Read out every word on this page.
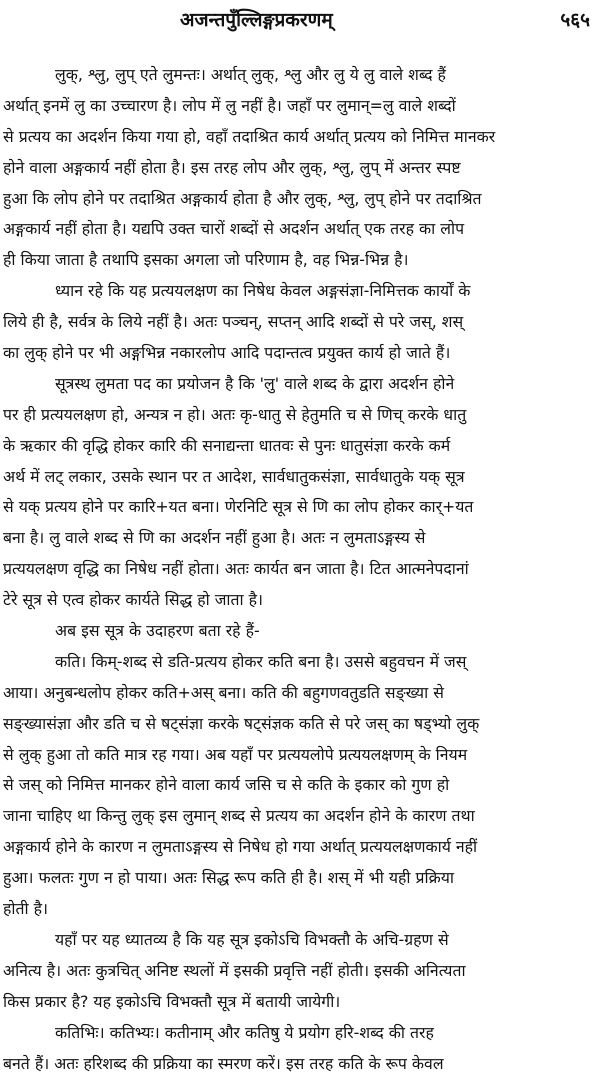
अजन्तपुँल्लिङ्गप्रकरणम्	५६५
लुक्, श्लु, लुप् एते लुमन्तः। अर्थात् लुक्, श्लु और लु ये लु वाले शब्द हैं
अर्थात् इनमें लु का उच्चारण है। लोप में लु नहीं है। जहाँ पर लुमान्=लु वाले शब्दों
से प्रत्यय का अदर्शन किया गया हो, वहाँ तदाश्रित कार्य अर्थात् प्रत्यय को निमित्त मानकर
होने वाला अङ्गकार्य नहीं होता है। इस तरह लोप और लुक्, श्लु, लुप् में अन्तर स्पष्ट
हुआ कि लोप होने पर तदाश्रित अङ्गकार्य होता है और लुक्, श्लु, लुप् होने पर तदाश्रित
अङ्गकार्य नहीं होता है। यद्यपि उक्त चारों शब्दों से अदर्शन अर्थात् एक तरह का लोप
ही किया जाता है तथापि इसका अगला जो परिणाम है, वह भिन्न-भिन्न है।
ध्यान रहे कि यह प्रत्ययलक्षण का निषेध केवल अङ्गसंज्ञा-निमित्तक कार्यों के
लिये ही है, सर्वत्र के लिये नहीं है। अतः पञ्चन्, सप्तन् आदि शब्दों से परे जस्, शस्
का लुक् होने पर भी अङ्गभिन्न नकारलोप आदि पदान्तत्व प्रयुक्त कार्य हो जाते हैं।
सूत्रस्थ लुमता पद का प्रयोजन है कि 'लु' वाले शब्द के द्वारा अदर्शन होने
पर ही प्रत्ययलक्षण हो, अन्यत्र न हो। अतः कृ-धातु से हेतुमति च से णिच् करके धातु
के ऋकार की वृद्धि होकर कारि की सनाद्यन्ता धातवः से पुनः धातुसंज्ञा करके कर्म
अर्थ में लट् लकार, उसके स्थान पर त आदेश, सार्वधातुकसंज्ञा, सार्वधातुके यक् सूत्र
से यक् प्रत्यय होने पर कारि+यत बना। णेरनिटि सूत्र से णि का लोप होकर कार्+यत
बना है। लु वाले शब्द से णि का अदर्शन नहीं हुआ है। अतः न लुमताऽङ्गस्य से
प्रत्ययलक्षण वृद्धि का निषेध नहीं होता। अतः कार्यत बन जाता है। टित आत्मनेपदानां
टेरे सूत्र से एत्व होकर कार्यते सिद्ध हो जाता है।
अब इस सूत्र के उदाहरण बता रहे हैं-
कति। किम्-शब्द से डति-प्रत्यय होकर कति बना है। उससे बहुवचन में जस्
आया। अनुबन्धलोप होकर कति+अस् बना। कति की बहुगणवतुडति सङ्ख्या से
सङ्ख्यासंज्ञा और डति च से षट्संज्ञा करके षट्संज्ञक कति से परे जस् का षड्भ्यो लुक्
से लुक् हुआ तो कति मात्र रह गया। अब यहाँ पर प्रत्ययलोपे प्रत्ययलक्षणम् के नियम
से जस् को निमित्त मानकर होने वाला कार्य जसि च से कति के इकार को गुण हो
जाना चाहिए था किन्तु लुक् इस लुमान् शब्द से प्रत्यय का अदर्शन होने के कारण तथा
अङ्गकार्य होने के कारण न लुमताऽङ्गस्य से निषेध हो गया अर्थात् प्रत्ययलक्षणकार्य नहीं
हुआ। फलतः गुण न हो पाया। अतः सिद्ध रूप कति ही है। शस् में भी यही प्रक्रिया
होती है।
यहाँ पर यह ध्यातव्य है कि यह सूत्र इकोऽचि विभक्तौ के अचि-ग्रहण से
अनित्य है। अतः कुत्रचित् अनिष्ट स्थलों में इसकी प्रवृत्ति नहीं होती। इसकी अनित्यता
किस प्रकार है? यह इकोऽचि विभक्तौ सूत्र में बतायी जायेगी।
कतिभिः। कतिभ्यः। कतीनाम् और कतिषु ये प्रयोग हरि-शब्द की तरह
बनते हैं। अतः हरिशब्द की प्रक्रिया का स्मरण करें। इस तरह कति के रूप केवल
